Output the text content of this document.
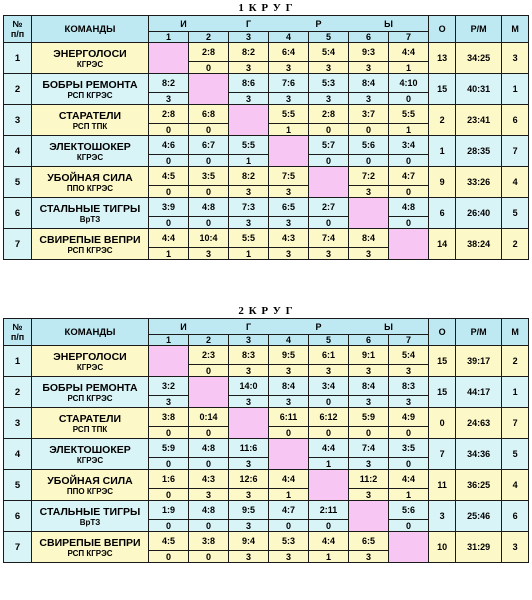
1 К Р У Г
2 К Р У Г
№
п/п	КОМАНДЫ	И Г Р Ы							О	Р/М	М
		1	2	3	4	5	6	7			
1	ЭНЕРГОЛОСИ
КГРЭС		2:8	8:2	6:4	5:4	9:3	4:4	13	34:25	3
			0	3	3	3	3	1			
2	БОБРЫ РЕМОНТА
РСП КГРЭС	8:2		8:6	7:6	5:3	8:4	4:10	15	40:31	1
		3		3	3	3	3	0			
3	СТАРАТЕЛИ
РСП ТПК	2:8	6:8		5:5	2:8	3:7	5:5	2	23:41	6
		0	0		1	0	0	1			
4	ЭЛЕКТОШОКЕР
КГРЭС	4:6	6:7	5:5		5:7	5:6	3:4	1	28:35	7
		0	0	1		0	0	0			
5	УБОЙНАЯ СИЛА
ППО КГРЭС	4:5	3:5	8:2	7:5		7:2	4:7	9	33:26	4
		0	0	3	3		3	0			
6	СТАЛЬНЫЕ ТИГРЫ
ВрТЗ	3:9	4:8	7:3	6:5	2:7		4:8	6	26:40	5
		0	0	3	3	0		0			
7	СВИРЕПЫЕ ВЕПРИ
РСП КГРЭС	4:4	10:4	5:5	4:3	7:4	8:4		14	38:24	2
		1	3	1	3	3	3				
№
п/п	КОМАНДЫ	И Г Р Ы							О	Р/М	М
		1	2	3	4	5	6	7			
1	ЭНЕРГОЛОСИ
КГРЭС		2:3	8:3	9:5	6:1	9:1	5:4	15	39:17	2
			0	3	3	3	3	3			
2	БОБРЫ РЕМОНТА
РСП КГРЭС	3:2		14:0	8:4	3:4	8:4	8:3	15	44:17	1
		3		3	3	0	3	3			
3	СТАРАТЕЛИ
РСП ТПК	3:8	0:14		6:11	6:12	5:9	4:9	0	24:63	7
		0	0		0	0	0	0			
4	ЭЛЕКТОШОКЕР
КГРЭС	5:9	4:8	11:6		4:4	7:4	3:5	7	34:36	5
		0	0	3		1	3	0			
5	УБОЙНАЯ СИЛА
ППО КГРЭС	1:6	4:3	12:6	4:4		11:2	4:4	11	36:25	4
		0	3	3	1		3	1			
6	СТАЛЬНЫЕ ТИГРЫ
ВрТЗ	1:9	4:8	9:5	4:7	2:11		5:6	3	25:46	6
		0	0	3	0	0		0			
7	СВИРЕПЫЕ ВЕПРИ
РСП КГРЭС	4:5	3:8	9:4	5:3	4:4	6:5		10	31:29	3
		0	0	3	3	1	3				
